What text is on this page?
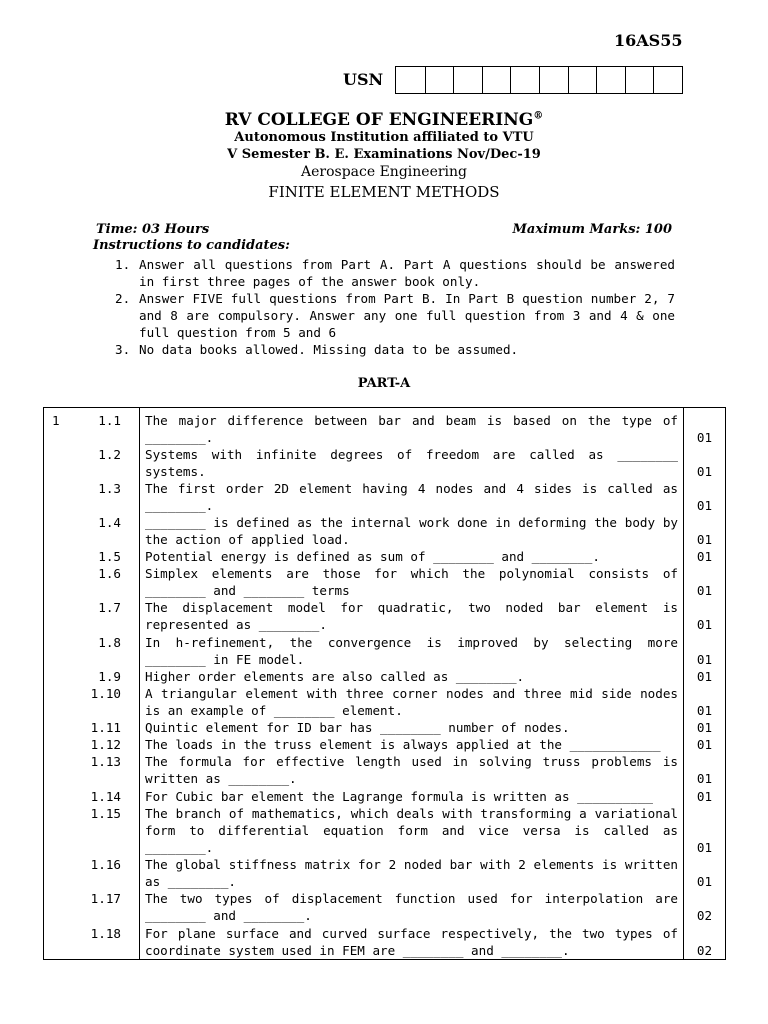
16AS55
USN
RV COLLEGE OF ENGINEERING®
Autonomous Institution affiliated to VTU
V Semester B. E. Examinations Nov/Dec-19
Aerospace Engineering
FINITE ELEMENT METHODS
Time: 03 Hours	Maximum Marks: 100
Instructions to candidates:
1. Answer all questions from Part A. Part A questions should be answered in first three pages of the answer book only.
2. Answer FIVE full questions from Part B. In Part B question number 2, 7 and 8 are compulsory. Answer any one full question from 3 and 4 & one full question from 5 and 6
3. No data books allowed. Missing data to be assumed.
PART-A
1	1.1 The major difference between bar and beam is based on the type of ________.	01
1.2 Systems with infinite degrees of freedom are called as ________ systems.	01
1.3 The first order 2D element having 4 nodes and 4 sides is called as ________.	01
1.4 ________ is defined as the internal work done in deforming the body by the action of applied load.	01
1.5 Potential energy is defined as sum of ________ and ________.	01
1.6 Simplex elements are those for which the polynomial consists of ________ and ________ terms	01
1.7 The displacement model for quadratic, two noded bar element is represented as ________.	01
1.8 In h-refinement, the convergence is improved by selecting more ________ in FE model.	01
1.9 Higher order elements are also called as ________.	01
1.10 A triangular element with three corner nodes and three mid side nodes is an example of ________ element.	01
1.11 Quintic element for ID bar has ________ number of nodes.	01
1.12 The loads in the truss element is always applied at the ____________	01
1.13 The formula for effective length used in solving truss problems is written as ________.	01
1.14 For Cubic bar element the Lagrange formula is written as __________	01
1.15 The branch of mathematics, which deals with transforming a variational form to differential equation form and vice versa is called as ________.	01
1.16 The global stiffness matrix for 2 noded bar with 2 elements is written as ________.	01
1.17 The two types of displacement function used for interpolation are ________ and ________.	02
1.18 For plane surface and curved surface respectively, the two types of coordinate system used in FEM are ________ and ________.	02
